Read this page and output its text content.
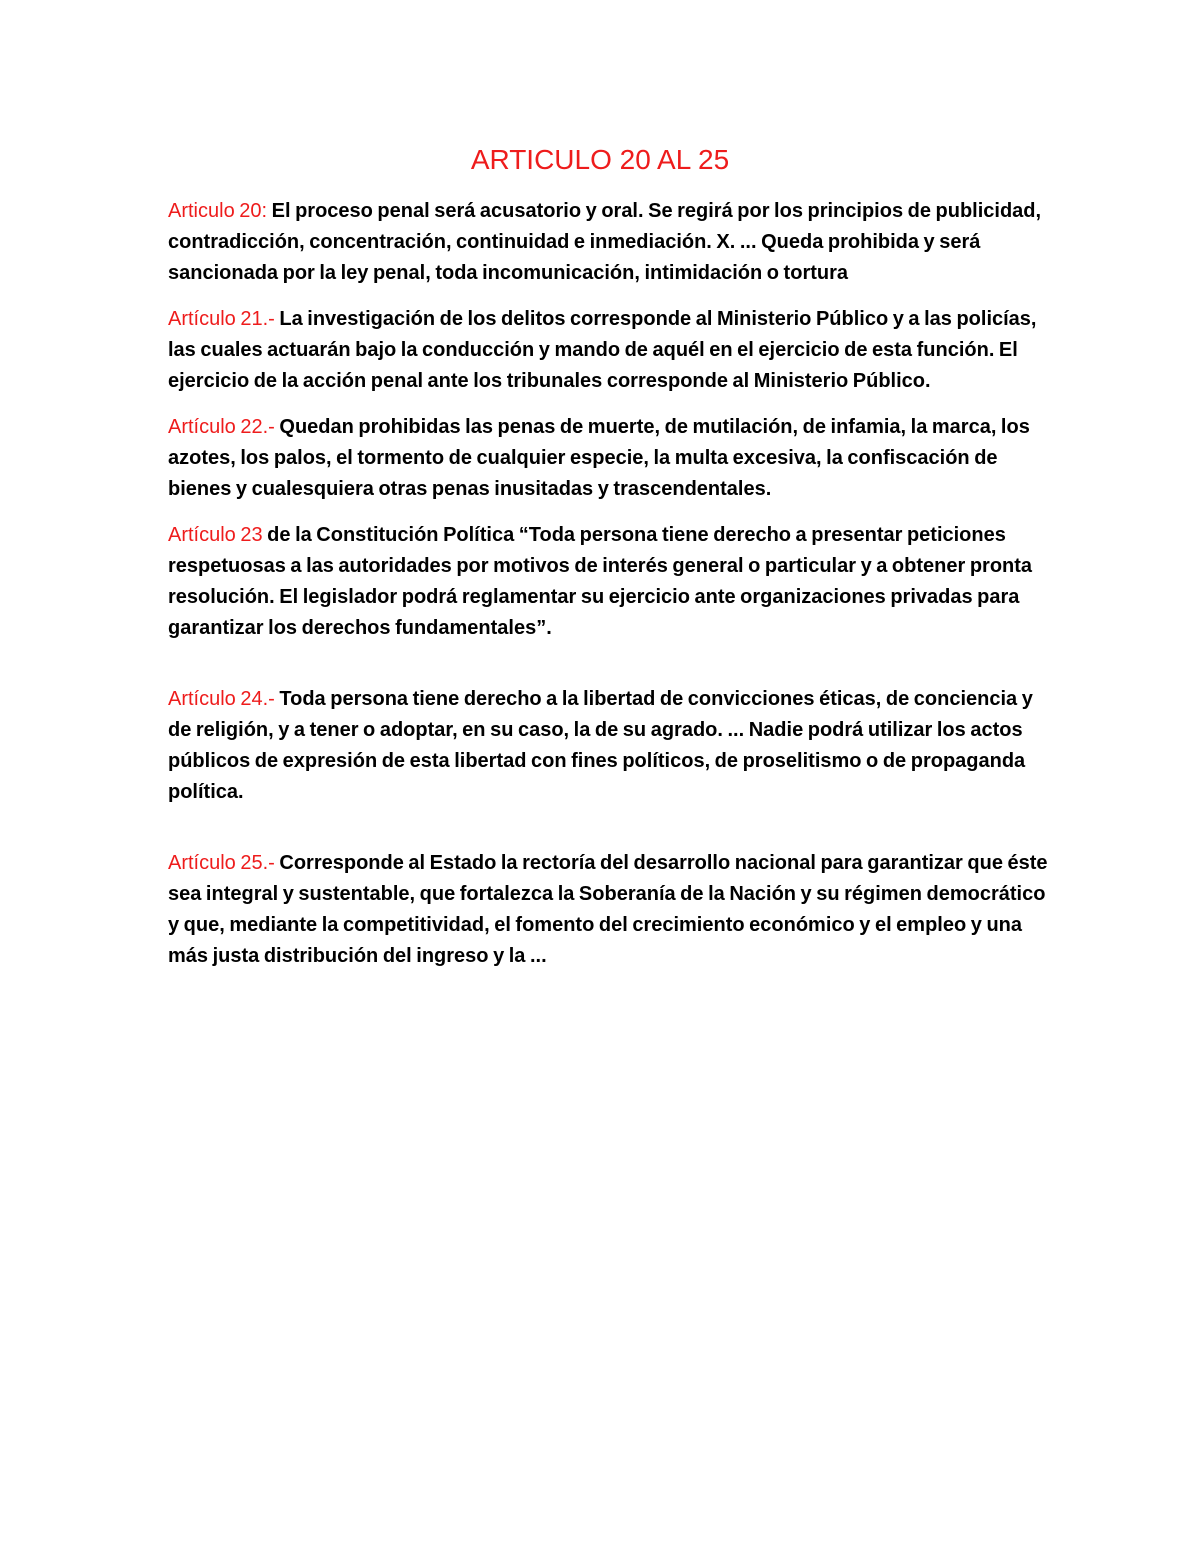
ARTICULO 20 AL 25

Articulo 20: El proceso penal será acusatorio y oral. Se regirá por los principios de publicidad, contradicción, concentración, continuidad e inmediación. X. ... Queda prohibida y será sancionada por la ley penal, toda incomunicación, intimidación o tortura

Artículo 21.- La investigación de los delitos corresponde al Ministerio Público y a las policías, las cuales actuarán bajo la conducción y mando de aquél en el ejercicio de esta función. El ejercicio de la acción penal ante los tribunales corresponde al Ministerio Público.

Artículo 22.- Quedan prohibidas las penas de muerte, de mutilación, de infamia, la marca, los azotes, los palos, el tormento de cualquier especie, la multa excesiva, la confiscación de bienes y cualesquiera otras penas inusitadas y trascendentales.

Artículo 23 de la Constitución Política “Toda persona tiene derecho a presentar peticiones respetuosas a las autoridades por motivos de interés general o particular y a obtener pronta resolución. El legislador podrá reglamentar su ejercicio ante organizaciones privadas para garantizar los derechos fundamentales”.

Artículo 24.- Toda persona tiene derecho a la libertad de convicciones éticas, de conciencia y de religión, y a tener o adoptar, en su caso, la de su agrado. ... Nadie podrá utilizar los actos públicos de expresión de esta libertad con fines políticos, de proselitismo o de propaganda política.

Artículo 25.- Corresponde al Estado la rectoría del desarrollo nacional para garantizar que éste sea integral y sustentable, que fortalezca la Soberanía de la Nación y su régimen democrático y que, mediante la competitividad, el fomento del crecimiento económico y el empleo y una más justa distribución del ingreso y la ...
